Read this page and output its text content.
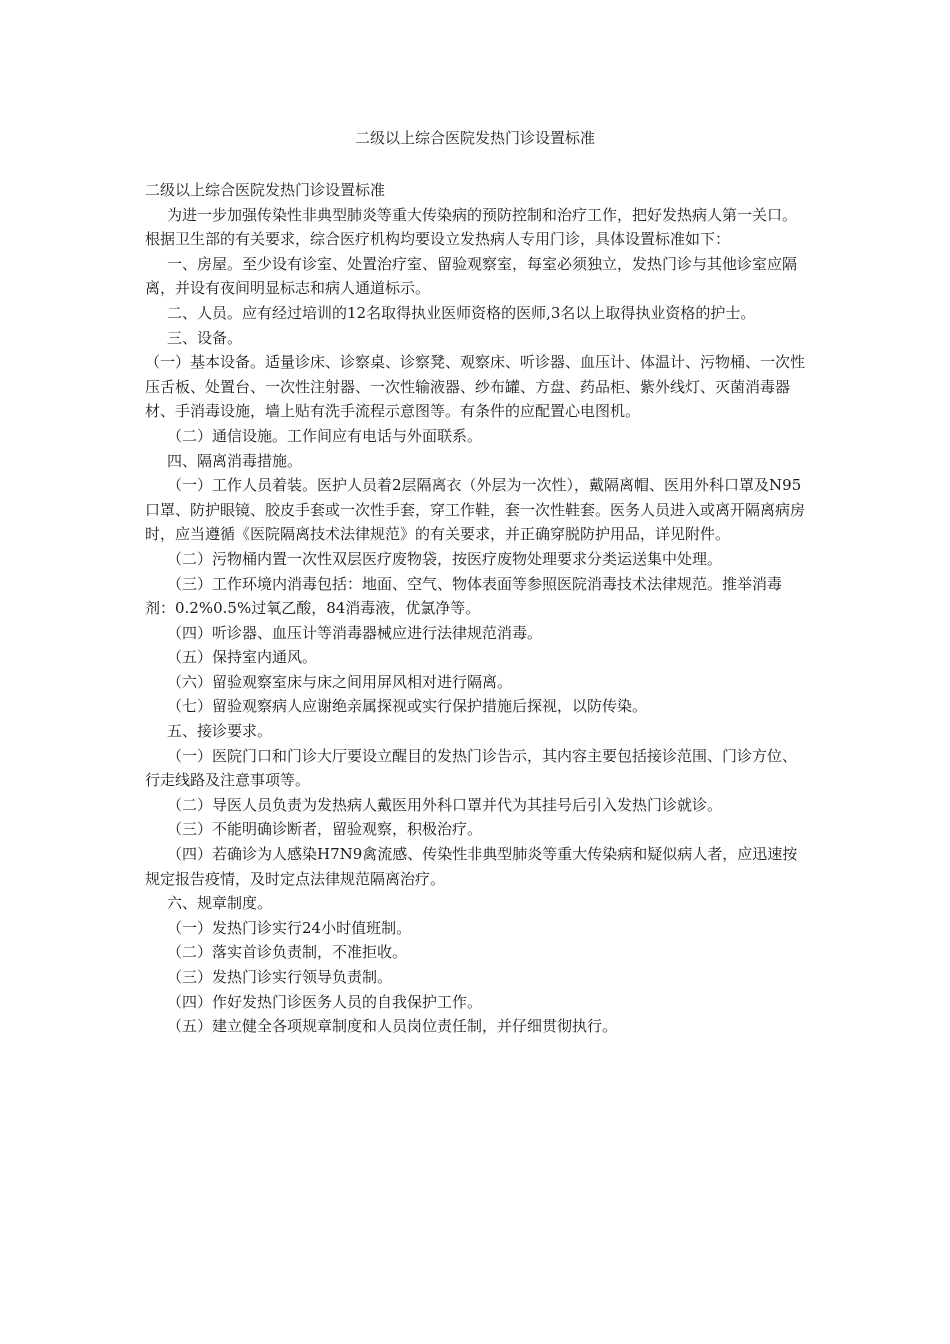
二级以上综合医院发热门诊设置标准

二级以上综合医院发热门诊设置标准

为进一步加强传染性非典型肺炎等重大传染病的预防控制和治疗工作，把好发热病人第一关口。根据卫生部的有关要求，综合医疗机构均要设立发热病人专用门诊，具体设置标准如下：

一、房屋。至少设有诊室、处置治疗室、留验观察室，每室必须独立，发热门诊与其他诊室应隔离，并设有夜间明显标志和病人通道标示。

二、人员。应有经过培训的12名取得执业医师资格的医师,3名以上取得执业资格的护士。

三、设备。

（一）基本设备。适量诊床、诊察桌、诊察凳、观察床、听诊器、血压计、体温计、污物桶、一次性压舌板、处置台、一次性注射器、一次性输液器、纱布罐、方盘、药品柜、紫外线灯、灭菌消毒器材、手消毒设施，墙上贴有洗手流程示意图等。有条件的应配置心电图机。

（二）通信设施。工作间应有电话与外面联系。

四、隔离消毒措施。

（一）工作人员着装。医护人员着2层隔离衣（外层为一次性），戴隔离帽、医用外科口罩及N95口罩、防护眼镜、胶皮手套或一次性手套，穿工作鞋，套一次性鞋套。医务人员进入或离开隔离病房时，应当遵循《医院隔离技术法律规范》的有关要求，并正确穿脱防护用品，详见附件。

（二）污物桶内置一次性双层医疗废物袋，按医疗废物处理要求分类运送集中处理。

（三）工作环境内消毒包括：地面、空气、物体表面等参照医院消毒技术法律规范。推举消毒剂：0.2%0.5%过氧乙酸，84消毒液，优氯净等。

（四）听诊器、血压计等消毒器械应进行法律规范消毒。

（五）保持室内通风。

（六）留验观察室床与床之间用屏风相对进行隔离。

（七）留验观察病人应谢绝亲属探视或实行保护措施后探视，以防传染。

五、接诊要求。

（一）医院门口和门诊大厅要设立醒目的发热门诊告示，其内容主要包括接诊范围、门诊方位、行走线路及注意事项等。

（二）导医人员负责为发热病人戴医用外科口罩并代为其挂号后引入发热门诊就诊。

（三）不能明确诊断者，留验观察，积极治疗。

（四）若确诊为人感染H7N9禽流感、传染性非典型肺炎等重大传染病和疑似病人者，应迅速按规定报告疫情，及时定点法律规范隔离治疗。

六、规章制度。

（一）发热门诊实行24小时值班制。

（二）落实首诊负责制，不准拒收。

（三）发热门诊实行领导负责制。

（四）作好发热门诊医务人员的自我保护工作。

（五）建立健全各项规章制度和人员岗位责任制，并仔细贯彻执行。
